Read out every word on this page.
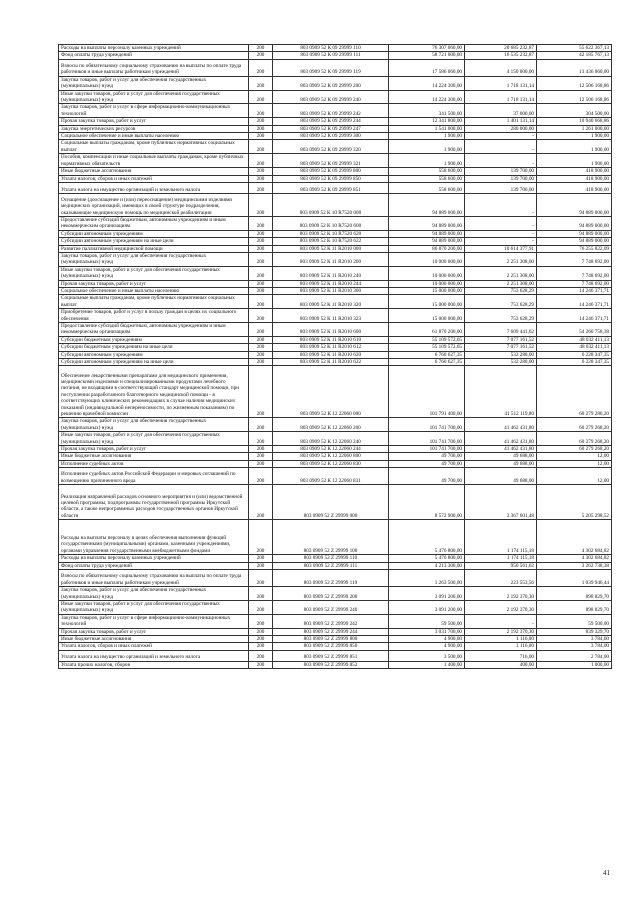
Расходы на выплаты персоналу казенных учреждений	200	803 0909 52 К 09 29999 110	76 307 060,00	20 685 232,87	55 622 367,13
Фонд оплаты труда учреждений	200	803 0909 52 К 09 29999 111	58 721 000,00	16 535 232,87	42 185 767,13
Взносы по обязательному социальному страхованию на выплаты по оплате труда работников и иные выплаты работникам учреждений	200	803 0909 52 К 09 29999 119	17 586 060,00	4 150 000,00	13 436 060,00
Закупка товаров, работ и услуг для обеспечения государственных (муниципальных) нужд	200	803 0909 52 К 09 29999 200	14 224 300,00	1 718 131,14	12 506 168,86
Иные закупки товаров, работ и услуг для обеспечения государственных (муниципальных) нужд	200	803 0909 52 К 09 29999 240	14 224 300,00	1 718 131,14	12 506 168,86
Закупка товаров, работ и услуг в сфере информационно-коммуникационных технологий	200	803 0909 52 К 09 29999 242	341 500,00	37 000,00	304 500,00
Прочая закупка товаров, работ и услуг	200	803 0909 52 К 09 29999 244	12 341 800,00	1 401 131,14	10 940 668,86
Закупка энергетических ресурсов	200	803 0909 52 К 09 29999 247	1 541 000,00	280 000,00	1 261 000,00
Социальное обеспечение и иные выплаты населению	200	803 0909 52 К 09 29999 300	1 900,00	-	1 900,00
Социальные выплаты гражданам, кроме публичных нормативных социальных выплат	200	803 0909 52 К 09 29999 320	1 900,00	-	1 900,00
Пособия, компенсации и иные социальные выплаты гражданам, кроме публичных нормативных обязательств	200	803 0909 52 К 09 29999 321	1 900,00	-	1 900,00
Иные бюджетные ассигнования	200	803 0909 52 К 09 29999 800	558 600,00	139 700,00	418 900,00
Уплата налогов, сборов и иных платежей	200	803 0909 52 К 09 29999 850	558 600,00	139 700,00	418 900,00
Уплата налога на имущество организаций и земельного налога	200	803 0909 52 К 09 29999 851	558 600,00	139 700,00	418 900,00
Оснащение (дооснащение и (или) переоснащение) медицинскими изделиями медицинских организаций, имеющих в своей структуре подразделения, оказывающие медицинскую помощь по медицинской реабилитации	200	803 0909 52 К 10 R7520 000	94 889 000,00	-	94 889 000,00
Предоставление субсидий бюджетным, автономным учреждениям и иным некоммерческим организациям	200	803 0909 52 К 10 R7520 600	94 889 000,00	-	94 889 000,00
Субсидии автономным учреждениям	200	803 0909 52 К 10 R7520 620	94 889 000,00	-	94 889 000,00
Субсидии автономным учреждениям на иные цели	200	803 0909 52 К 10 R7520 622	94 889 000,00	-	94 889 000,00
Развитие паллиативной медицинской помощи	200	803 0909 52 К 11 R2010 000	86 870 200,00	10 614 377,91	76 255 822,09
Закупка товаров, работ и услуг для обеспечения государственных (муниципальных) нужд	200	803 0909 52 К 11 R2010 200	10 000 000,00	2 251 308,00	7 748 692,00
Иные закупки товаров, работ и услуг для обеспечения государственных (муниципальных) нужд	200	803 0909 52 К 11 R2010 240	10 000 000,00	2 251 308,00	7 748 692,00
Прочая закупка товаров, работ и услуг	200	803 0909 52 К 11 R2010 244	10 000 000,00	2 251 308,00	7 748 692,00
Социальное обеспечение и иные выплаты населению	200	803 0909 52 К 11 R2010 300	15 000 000,00	753 628,29	14 246 371,71
Социальные выплаты гражданам, кроме публичных нормативных социальных выплат	200	803 0909 52 К 11 R2010 320	15 000 000,00	753 628,29	14 246 371,71
Приобретение товаров, работ и услуг в пользу граждан в целях их социального обеспечения	200	803 0909 52 К 11 R2010 323	15 000 000,00	753 628,29	14 246 371,71
Предоставление субсидий бюджетным, автономным учреждениям и иным некоммерческим организациям	200	803 0909 52 К 11 R2010 600	61 870 200,00	7 609 441,62	54 260 758,38
Субсидии бюджетным учреждениям	200	803 0909 52 К 11 R2010 610	55 109 572,65	7 077 161,52	48 032 411,13
Субсидии бюджетным учреждениям на иные цели	200	803 0909 52 К 11 R2010 612	55 109 572,65	7 077 161,52	48 032 411,13
Субсидии автономным учреждениям	200	803 0909 52 К 11 R2010 620	6 760 627,35	532 280,00	6 228 347,35
Субсидии автономным учреждениям на иные цели	200	803 0909 52 К 11 R2010 622	6 760 627,35	532 280,00	6 228 347,35
Обеспечение лекарственными препаратами для медицинского применения, медицинскими изделиями и специализированными продуктами лечебного питания, не входящими в соответствующий стандарт медицинской помощи, при поступлении разработанного благотворного медицинской помощи - в соответствующих клинических рекомендациях в случае наличия медицинских показаний (индивидуальной непереносимости, по жизненным показаниям) по решению врачебной комиссии	200	803 0909 52 К 12 22060 000	101 791 400,00	41 512 119,80	60 279 280,20
Закупка товаров, работ и услуг для обеспечения государственных (муниципальных) нужд	200	803 0909 52 К 12 22060 200	101 741 700,00	41 462 431,80	60 279 268,20
Иные закупки товаров, работ и услуг для обеспечения государственных (муниципальных) нужд	200	803 0909 52 К 12 22060 240	101 741 700,00	41 462 431,80	60 279 268,20
Прочая закупка товаров, работ и услуг	200	803 0909 52 К 12 22060 244	101 741 700,00	41 462 431,80	60 279 268,20
Иные бюджетные ассигнования	200	803 0909 52 К 12 22060 800	49 700,00	49 688,00	12,00
Исполнение судебных актов	200	803 0909 52 К 12 22060 830	49 700,00	49 688,00	12,00
Исполнение судебных актов Российской Федерации и мировых соглашений по возмещению причиненного вреда	200	803 0909 52 К 12 22060 831	49 700,00	49 688,00	12,00
Реализация направлений расходов основного мероприятия и (или) ведомственной целевой программы, подпрограммы государственной программы Иркутской области, а также непрограммных расходов государственных органов Иркутской области	200	803 0909 52 Z 29999 000	8 572 900,00	3 367 601,48	5 205 298,52
Расходы на выплаты персоналу в целях обеспечения выполнения функций государственными (муниципальными) органами, казенными учреждениями, органами управления государственными внебюджетными фондами	200	803 0909 52 Z 29999 100	5 476 800,00	1 174 115,18	4 302 684,82
Расходы на выплаты персоналу казенных учреждений	200	803 0909 52 Z 29999 110	5 476 800,00	1 174 115,18	4 302 684,82
Фонд оплаты труда учреждений	200	803 0909 52 Z 29999 111	4 213 300,00	950 561,62	3 262 738,38
Взносы по обязательному социальному страхованию на выплаты по оплате труда работников и иные выплаты работникам учреждений	200	803 0909 52 Z 29999 119	1 263 500,00	223 553,56	1 039 946,44
Закупка товаров, работ и услуг для обеспечения государственных (муниципальных) нужд	200	803 0909 52 Z 29999 200	3 091 200,00	2 192 370,30	898 829,70
Иные закупки товаров, работ и услуг для обеспечения государственных (муниципальных) нужд	200	803 0909 52 Z 29999 240	3 091 200,00	2 192 370,30	898 829,70
Закупка товаров, работ и услуг в сфере информационно-коммуникационных технологий	200	803 0909 52 Z 29999 242	59 500,00	-	59 500,00
Прочая закупка товаров, работ и услуг	200	803 0909 52 Z 29999 244	3 031 700,00	2 192 370,30	839 329,70
Иные бюджетные ассигнования	200	803 0909 52 Z 29999 800	4 900,00	1 116,00	3 784,00
Уплата налогов, сборов и иных платежей	200	803 0909 52 Z 29999 850	4 900,00	1 116,00	3 784,00
Уплата налога на имущество организаций и земельного налога	200	803 0909 52 Z 29999 851	3 500,00	716,00	2 784,00
Уплата прочих налогов, сборов	200	803 0909 52 Z 29999 852	1 400,00	400,00	1 000,00
41
